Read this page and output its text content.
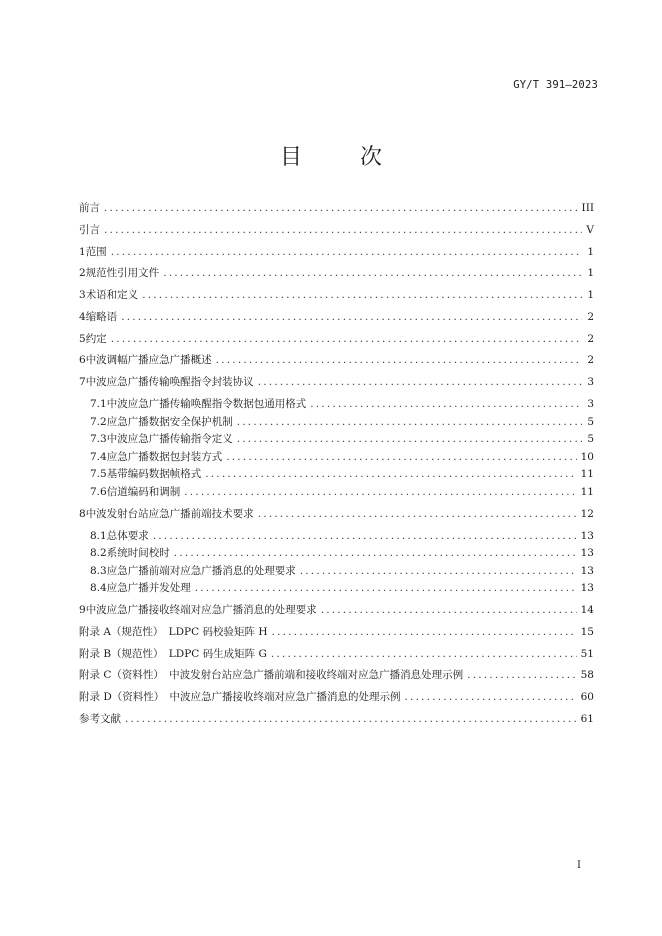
GY/T 391—2023
目　次
前言 .....	III
引言 .....	V
1 范围 .....	1
2 规范性引用文件 .....	1
3 术语和定义 .....	1
4 缩略语 .....	2
5 约定 .....	2
6 中波调幅广播应急广播概述 .....	2
7 中波应急广播传输唤醒指令封装协议 .....	3
7.1 中波应急广播传输唤醒指令数据包通用格式 .....	3
7.2 应急广播数据安全保护机制 .....	5
7.3 中波应急广播传输指令定义 .....	5
7.4 应急广播数据包封装方式 .....	10
7.5 基带编码数据帧格式 .....	11
7.6 信道编码和调制 .....	11
8 中波发射台站应急广播前端技术要求 .....	12
8.1 总体要求 .....	13
8.2 系统时间校时 .....	13
8.3 应急广播前端对应急广播消息的处理要求 .....	13
8.4 应急广播并发处理 .....	13
9 中波应急广播接收终端对应急广播消息的处理要求 .....	14
附录 A（规范性）　LDPC 码校验矩阵 H .....	15
附录 B（规范性）　LDPC 码生成矩阵 G .....	51
附录 C（资料性）　中波发射台站应急广播前端和接收终端对应急广播消息处理示例 .....	58
附录 D（资料性）　中波应急广播接收终端对应急广播消息的处理示例 .....	60
参考文献 .....	61
I
